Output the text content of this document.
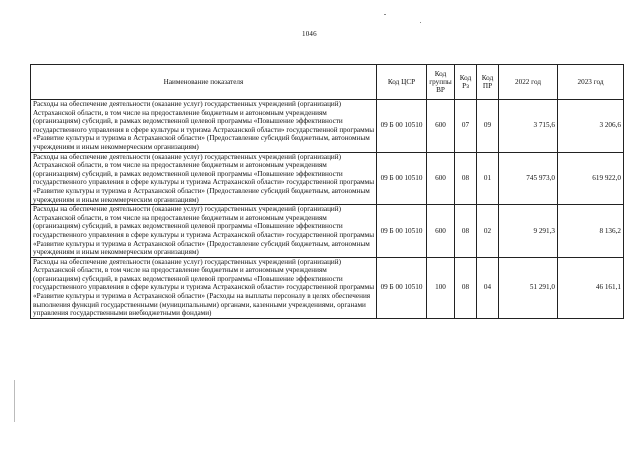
1046
Наименование показателя	Код ЦСР	Код группы ВР	Код Рз	Код ПР	2022 год	2023 год
Расходы на обеспечение деятельности (оказание услуг) государственных учреждений (организаций) Астраханской области, в том числе на предоставление бюджетным и автономным учреждениям (организациям) субсидий, в рамках ведомственной целевой программы «Повышение эффективности государственного управления в сфере культуры и туризма Астраханской области» государственной программы «Развитие культуры и туризма в Астраханской области» (Предоставление субсидий бюджетным, автономным учреждениям и иным некоммерческим организациям)	09 Б 00 10510	600	07	09	3 715,6	3 206,6
Расходы на обеспечение деятельности (оказание услуг) государственных учреждений (организаций) Астраханской области, в том числе на предоставление бюджетным и автономным учреждениям (организациям) субсидий, в рамках ведомственной целевой программы «Повышение эффективности государственного управления в сфере культуры и туризма Астраханской области» государственной программы «Развитие культуры и туризма в Астраханской области» (Предоставление субсидий бюджетным, автономным учреждениям и иным некоммерческим организациям)	09 Б 00 10510	600	08	01	745 973,0	619 922,0
Расходы на обеспечение деятельности (оказание услуг) государственных учреждений (организаций) Астраханской области, в том числе на предоставление бюджетным и автономным учреждениям (организациям) субсидий, в рамках ведомственной целевой программы «Повышение эффективности государственного управления в сфере культуры и туризма Астраханской области» государственной программы «Развитие культуры и туризма в Астраханской области» (Предоставление субсидий бюджетным, автономным учреждениям и иным некоммерческим организациям)	09 Б 00 10510	600	08	02	9 291,3	8 136,2
Расходы на обеспечение деятельности (оказание услуг) государственных учреждений (организаций) Астраханской области, в том числе на предоставление бюджетным и автономным учреждениям (организациям) субсидий, в рамках ведомственной целевой программы «Повышение эффективности государственного управления в сфере культуры и туризма Астраханской области» государственной программы «Развитие культуры и туризма в Астраханской области» (Расходы на выплаты персоналу в целях обеспечения выполнения функций государственными (муниципальными) органами, казенными учреждениями, органами управления государственными внебюджетными фондами)	09 Б 00 10510	100	08	04	51 291,0	46 161,1
